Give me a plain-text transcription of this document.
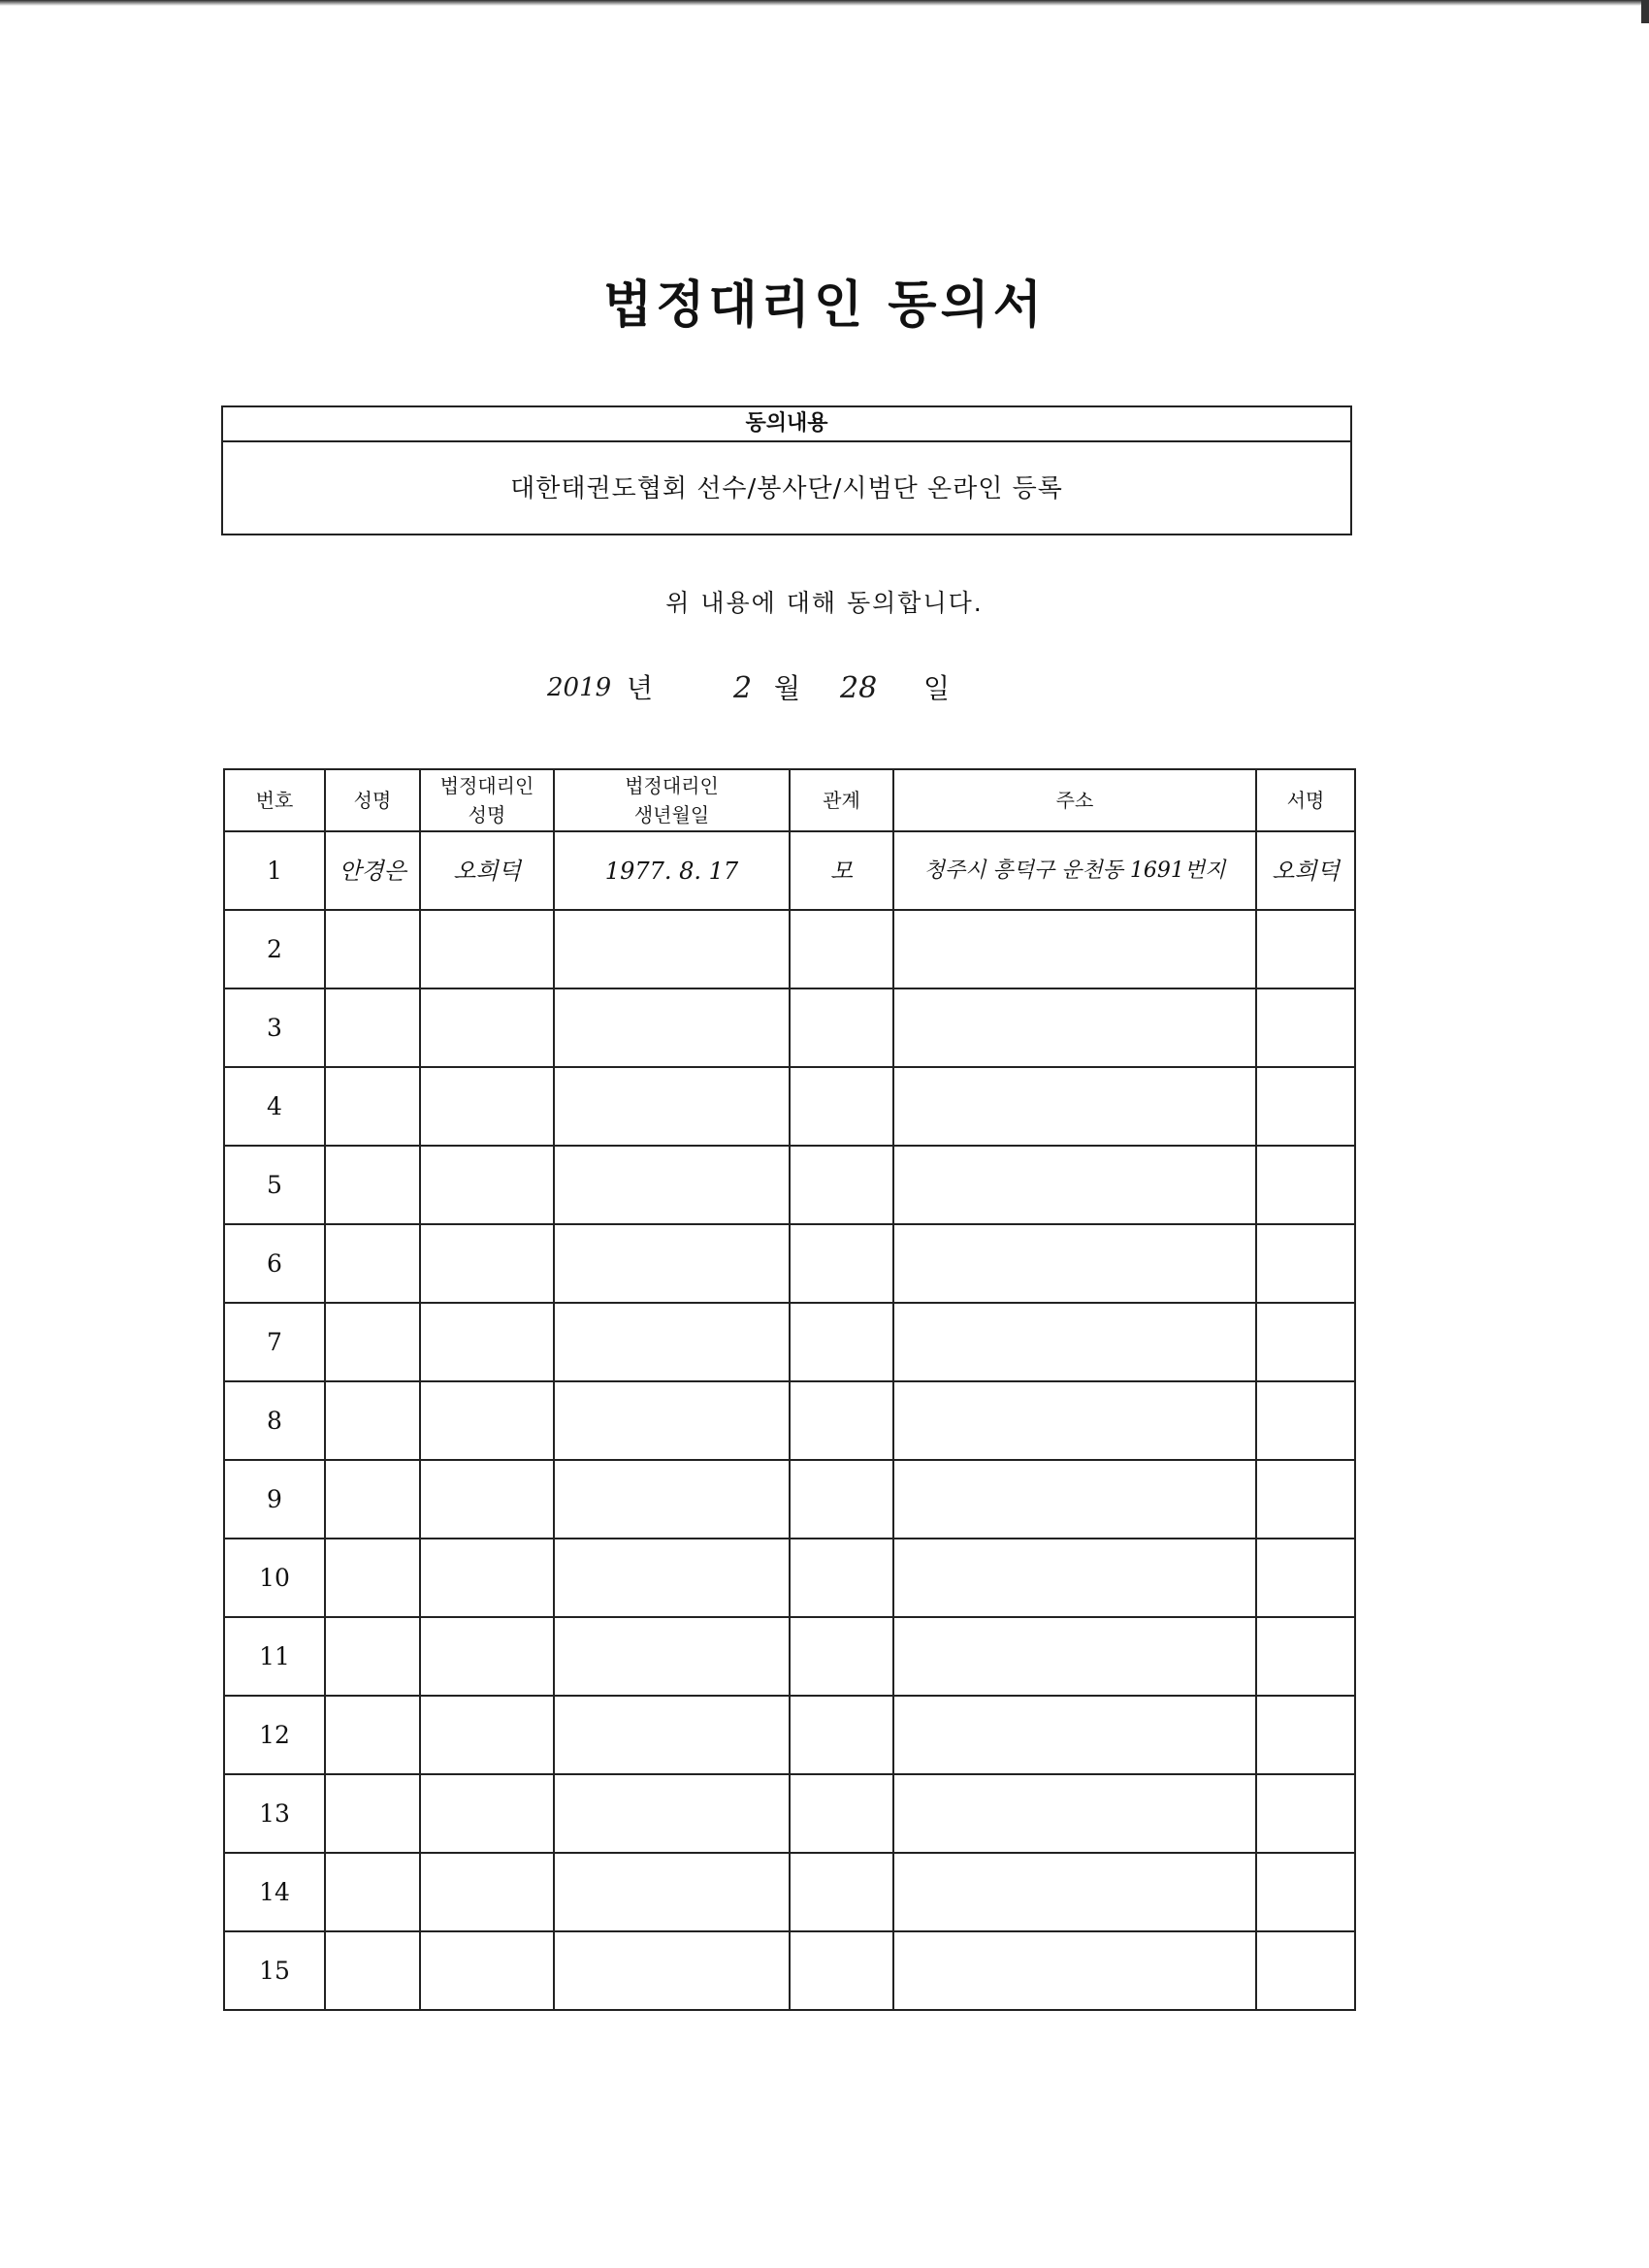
법정대리인 동의서
동의내용
대한태권도협회 선수/봉사단/시범단 온라인 등록
위 내용에 대해 동의합니다.
2019 년	2 월 28 일
번호	성명	법정대리인 성명	법정대리인 생년월일	관계	주소	서명
1	안경은	오희덕	1977. 8. 17	모	청주시 흥덕구 운천동 1691번지	오희덕
2						
3						
4						
5						
6						
7						
8						
9						
10						
11						
12						
13						
14						
15						
